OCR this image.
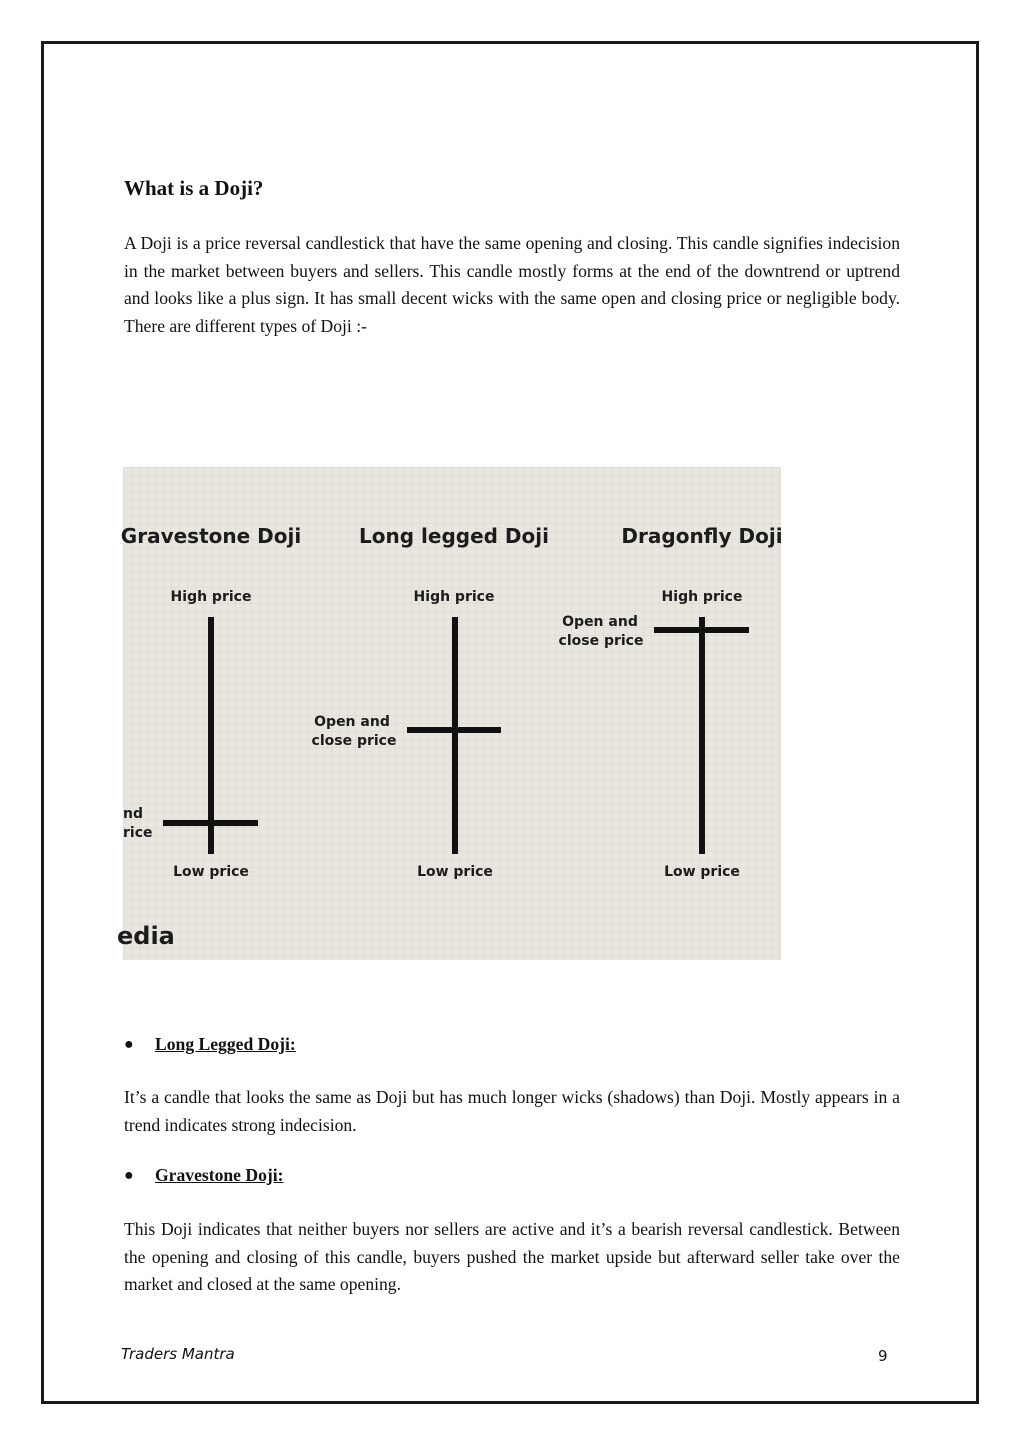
What is a Doji?

A Doji is a price reversal candlestick that have the same opening and closing. This candle signifies indecision in the market between buyers and sellers. This candle mostly forms at the end of the downtrend or uptrend and looks like a plus sign. It has small decent wicks with the same open and closing price or negligible body. There are different types of Doji :-

Gravestone Doji	Long legged Doji	Dragonfly Doji
High price
Low price
nd
rice
High price
Open and
close price
Low price
High price
Open and
close price
Low price
edia
●	Long Legged Doji:

It’s a candle that looks the same as Doji but has much longer wicks (shadows) than Doji. Mostly appears in a trend indicates strong indecision.

●	Gravestone Doji:

This Doji indicates that neither buyers nor sellers are active and it’s a bearish reversal candlestick. Between the opening and closing of this candle, buyers pushed the market upside but afterward seller take over the market and closed at the same opening.

Traders Mantra	9
